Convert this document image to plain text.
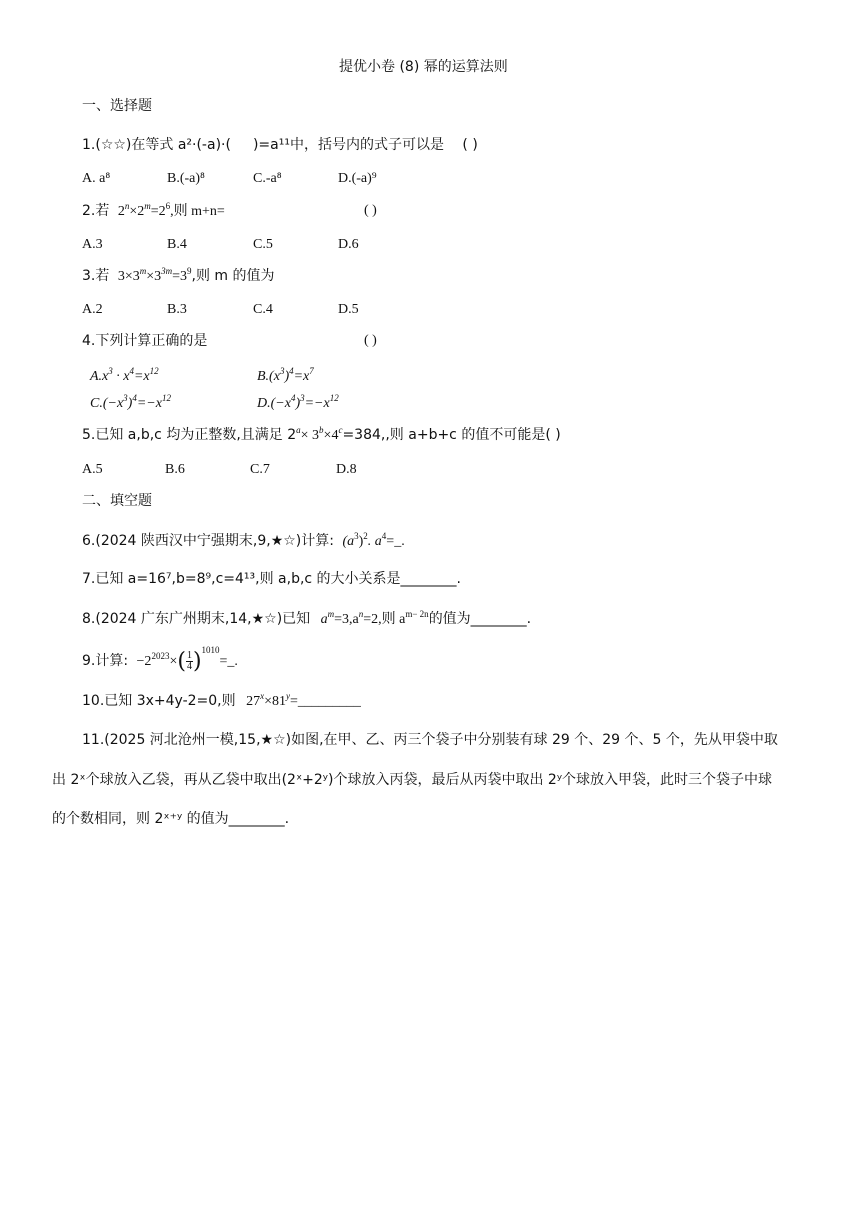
提优小卷 (8) 幂的运算法则
一、选择题
1.(☆☆)在等式 a²·(-a)·( )=a¹¹中，括号内的式子可以是 ( )
A. a⁸	B.(-a)⁸	C.-a⁸	D.(-a)⁹
2.若 $2^n\times 2^m=2^6$,则 m+n=	( )
A.3	B.4	C.5	D.6
3.若 $3\times 3^m\times 3^{3m}=3^9$,则 m 的值为
A.2	B.3	C.4	D.5
4.下列计算正确的是	( )
$A.x^3 \cdot x^4=x^{12}$	$B.(x^3)^4=x^7$
$C.(-x^3)^4=-x^{12}$	$D.(-x^4)^3=-x^{12}$
5.已知 a,b,c 均为正整数,且满足 $2^a\times 3^b\times 4^c=384$,,则 a+b+c 的值不可能是( )
A.5	B.6	C.7	D.8
二、填空题
6.(2024 陕西汉中宁强期末,9,★☆)计算: $(a^3)^2$. $a^4=\_$.
7.已知 a=16⁷,b=8⁹,c=4¹³,则 a,b,c 的大小关系是________.
8.(2024 广东广州期末,14,★☆)已知 $a^m=3,a^n=2$,则 $a^{m- 2n}$的值为________.
9.计算: $-2^{2023}\times( \frac{1}{4}$ )$^{1010}=\_$.
10.已知 3x+4y-2=0,则 $27^x\times 81^y=\_\_\_\_\_\_\_\_\_$
11.(2025 河北沧州一模,15,★☆)如图,在甲、乙、丙三个袋子中分别装有球 29 个、29 个、5 个，先从甲袋中取
出 2ˣ个球放入乙袋，再从乙袋中取出(2ˣ+2ʸ)个球放入丙袋，最后从丙袋中取出 2ʸ个球放入甲袋，此时三个袋子中球
的个数相同，则 2ˣ⁺ʸ 的值为________.
